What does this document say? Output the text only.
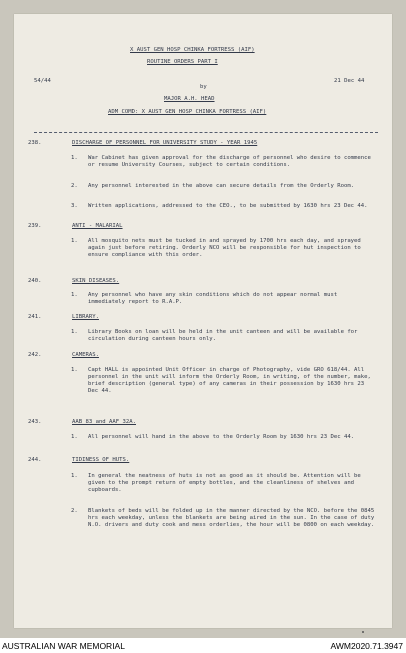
X AUST GEN HOSP CHINKA FORTRESS (AIF)
ROUTINE ORDERS PART I
54/44	21 Dec 44
by
MAJOR A.H. HEAD
ADM COMD: X AUST GEN HOSP CHINKA FORTRESS (AIF)
238.	DISCHARGE OF PERSONNEL FOR UNIVERSITY STUDY - YEAR 1945
1. War Cabinet has given approval for the discharge of personnel who desire to commence or resume University Courses, subject to certain conditions.
2. Any personnel interested in the above can secure details from the Orderly Room.
3. Written applications, addressed to the CEO., to be submitted by 1630 hrs 23 Dec 44.
239.	ANTI - MALARIAL
1. All mosquito nets must be tucked in and sprayed by 1700 hrs each day, and sprayed again just before retiring. Orderly NCO will be responsible for hut inspection to ensure compliance with this order.
240.	SKIN DISEASES.
1. Any personnel who have any skin conditions which do not appear normal must immediately report to R.A.P.
241.	LIBRARY.
1. Library Books on loan will be held in the unit canteen and will be available for circulation during canteen hours only.
242.	CAMERAS.
1. Capt HALL is appointed Unit Officer in charge of Photography, vide GRO 618/44. All personnel in the unit will inform the Orderly Room, in writing, of the number, make, brief description (general type) of any cameras in their possession by 1630 hrs 23 Dec 44.
243.	AAB 83 and AAF 32A.
1. All personnel will hand in the above to the Orderly Room by 1630 hrs 23 Dec 44.
244.	TIDINESS OF HUTS.
1. In general the neatness of huts is not as good as it should be. Attention will be given to the prompt return of empty bottles, and the cleanliness of shelves and cupboards.
2. Blankets of beds will be folded up in the manner directed by the NCO. before the 0845 hrs each weekday, unless the blankets are being aired in the sun. In the case of duty N.O. drivers and duty cook and mess orderlies, the hour will be 0800 on each weekday.
AUSTRALIAN WAR MEMORIAL	AWM2020.71.3947
